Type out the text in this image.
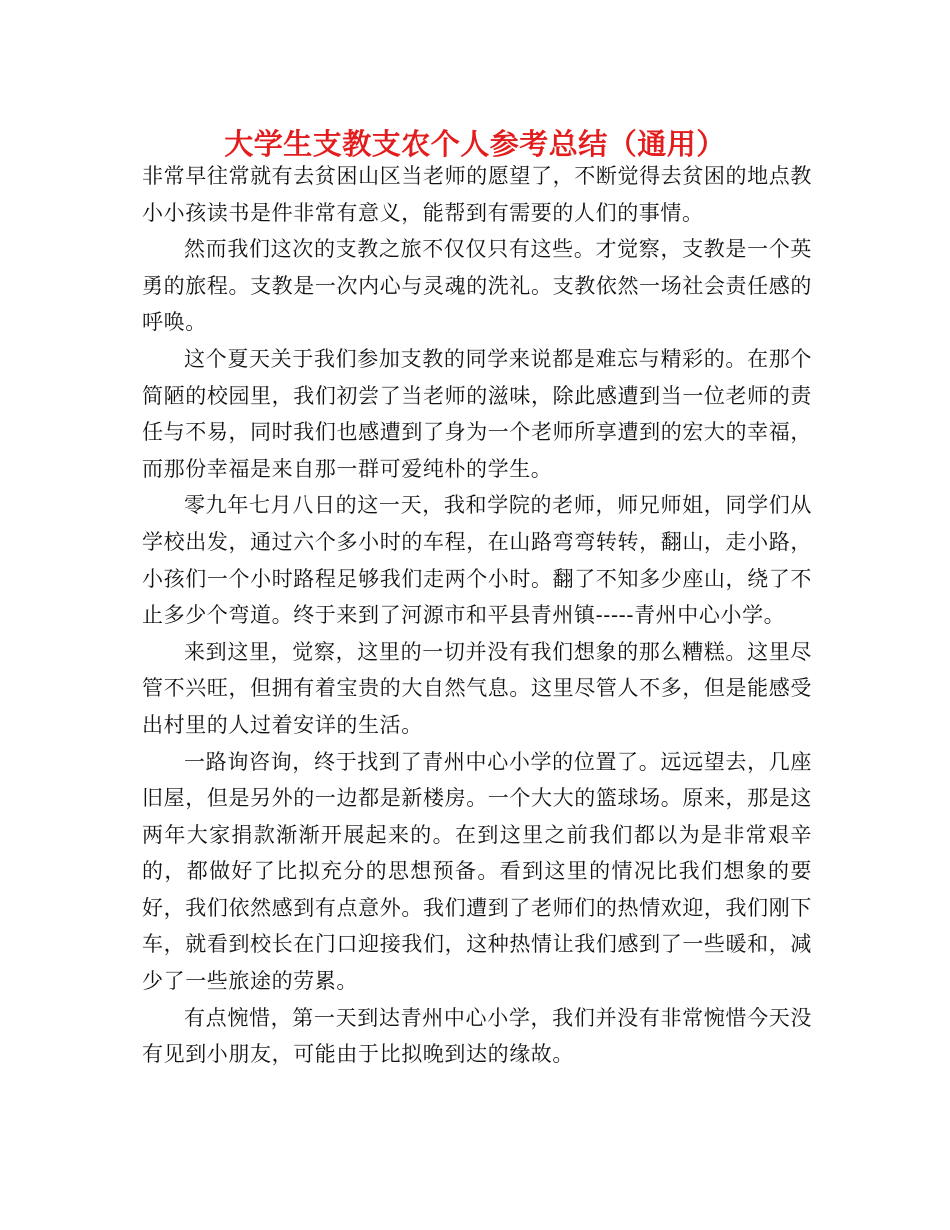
大学生支教支农个人参考总结（通用）

非常早往常就有去贫困山区当老师的愿望了，不断觉得去贫困的地点教小小孩读书是件非常有意义，能帮到有需要的人们的事情。

然而我们这次的支教之旅不仅仅只有这些。才觉察，支教是一个英勇的旅程。支教是一次内心与灵魂的洗礼。支教依然一场社会责任感的呼唤。

这个夏天关于我们参加支教的同学来说都是难忘与精彩的。在那个简陋的校园里，我们初尝了当老师的滋味，除此感遭到当一位老师的责任与不易，同时我们也感遭到了身为一个老师所享遭到的宏大的幸福，而那份幸福是来自那一群可爱纯朴的学生。

零九年七月八日的这一天，我和学院的老师，师兄师姐，同学们从学校出发，通过六个多小时的车程，在山路弯弯转转，翻山，走小路，小孩们一个小时路程足够我们走两个小时。翻了不知多少座山，绕了不止多少个弯道。终于来到了河源市和平县青州镇-----青州中心小学。

来到这里，觉察，这里的一切并没有我们想象的那么糟糕。这里尽管不兴旺，但拥有着宝贵的大自然气息。这里尽管人不多，但是能感受出村里的人过着安详的生活。

一路询咨询，终于找到了青州中心小学的位置了。远远望去，几座旧屋，但是另外的一边都是新楼房。一个大大的篮球场。原来，那是这两年大家捐款渐渐开展起来的。在到这里之前我们都以为是非常艰辛的，都做好了比拟充分的思想预备。看到这里的情况比我们想象的要好，我们依然感到有点意外。我们遭到了老师们的热情欢迎，我们刚下车，就看到校长在门口迎接我们，这种热情让我们感到了一些暖和，减少了一些旅途的劳累。

有点惋惜，第一天到达青州中心小学，我们并没有非常惋惜今天没有见到小朋友，可能由于比拟晚到达的缘故。
